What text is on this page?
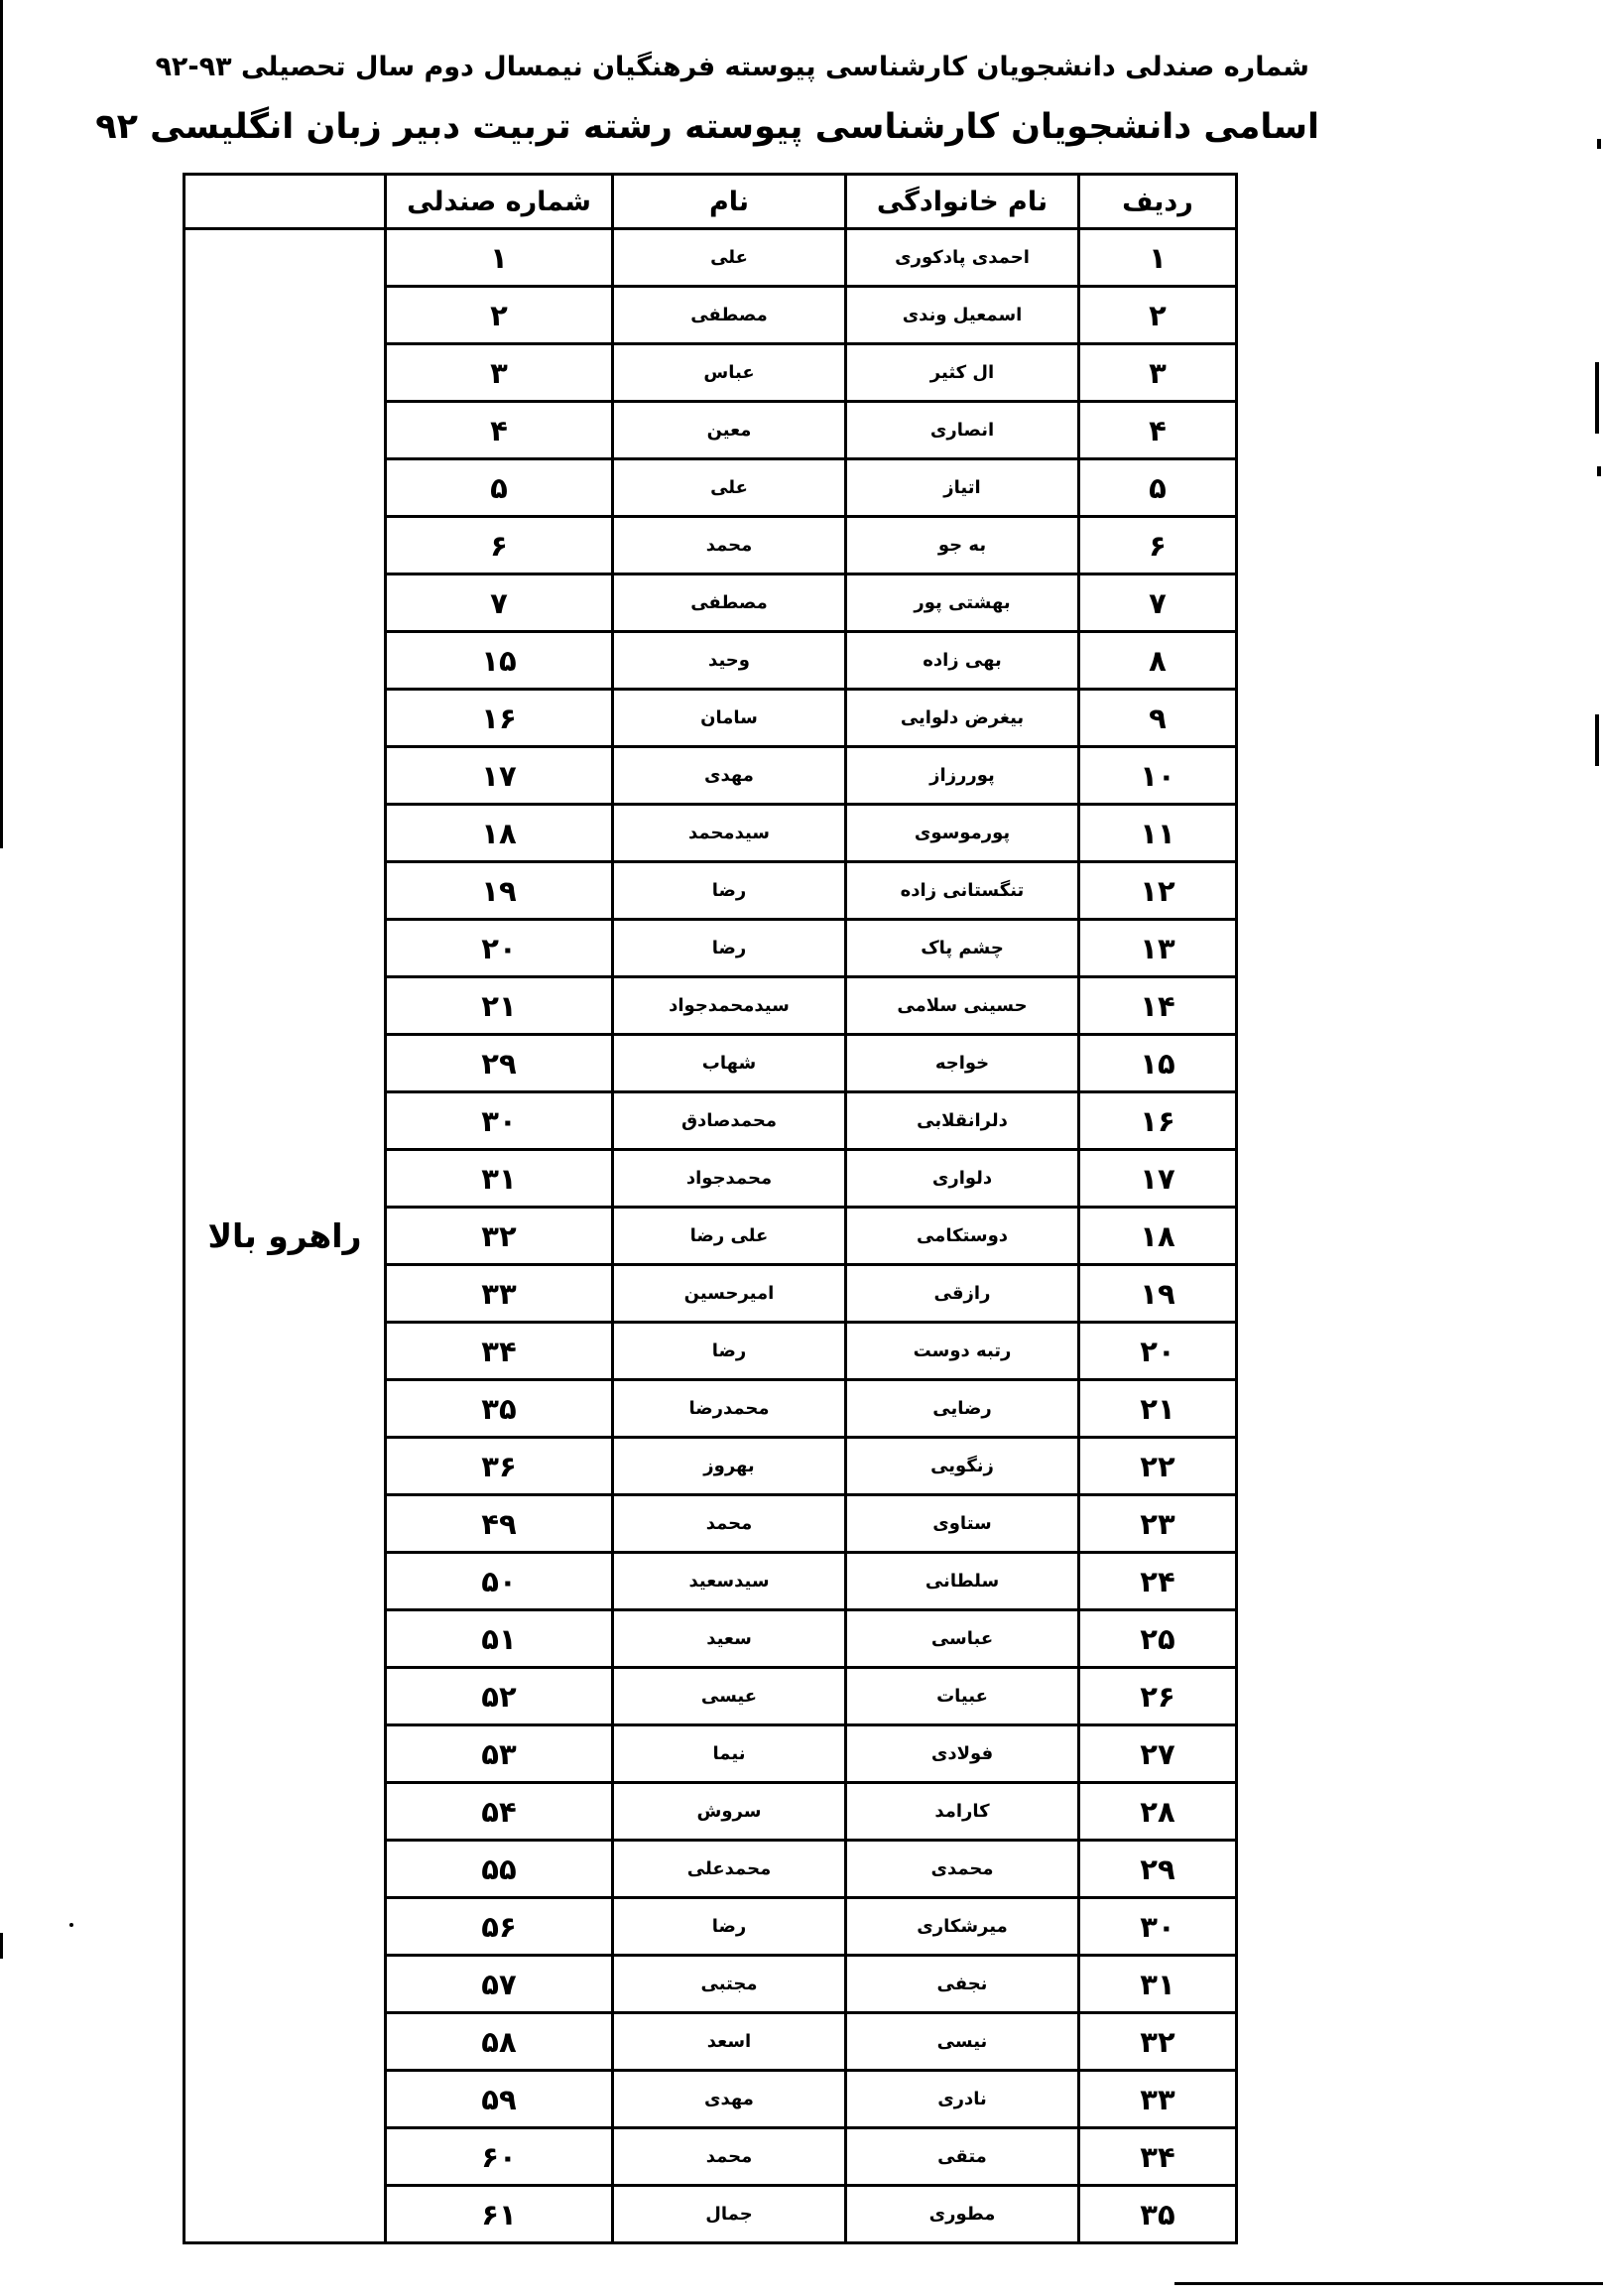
شماره صندلی دانشجویان کارشناسی پیوسته فرهنگیان نیمسال دوم سال تحصیلی ۹۳-۹۲
اسامی دانشجویان کارشناسی پیوسته رشته تربیت دبیر زبان انگلیسی ۹۲
ردیف	نام خانوادگی	نام	شماره صندلی	
۱	احمدی پادکوری	علی	۱	راهرو بالا
۲	اسمعیل وندی	مصطفی	۲	
۳	ال کثیر	عباس	۳	
۴	انصاری	معین	۴	
۵	اتیاز	علی	۵	
۶	به جو	محمد	۶	
۷	بهشتی پور	مصطفی	۷	
۸	بهی زاده	وحید	۱۵	
۹	بیغرض دلوایی	سامان	۱۶	
۱۰	پوررزاز	مهدی	۱۷	
۱۱	پورموسوی	سیدمحمد	۱۸	
۱۲	تنگستانی زاده	رضا	۱۹	
۱۳	چشم پاک	رضا	۲۰	
۱۴	حسینی سلامی	سیدمحمدجواد	۲۱	
۱۵	خواجه	شهاب	۲۹	
۱۶	دلرانقلابی	محمدصادق	۳۰	
۱۷	دلواری	محمدجواد	۳۱	
۱۸	دوستکامی	علی رضا	۳۲	
۱۹	رازقی	امیرحسین	۳۳	
۲۰	رتبه دوست	رضا	۳۴	
۲۱	رضایی	محمدرضا	۳۵	
۲۲	زنگویی	بهروز	۳۶	
۲۳	ستاوی	محمد	۴۹	
۲۴	سلطانی	سیدسعید	۵۰	
۲۵	عباسی	سعید	۵۱	
۲۶	عبیات	عیسی	۵۲	
۲۷	فولادی	نیما	۵۳	
۲۸	کارامد	سروش	۵۴	
۲۹	محمدی	محمدعلی	۵۵	
۳۰	میرشکاری	رضا	۵۶	
۳۱	نجفی	مجتبی	۵۷	
۳۲	نیسی	اسعد	۵۸	
۳۳	نادری	مهدی	۵۹	
۳۴	متقی	محمد	۶۰	
۳۵	مطوری	جمال	۶۱	
